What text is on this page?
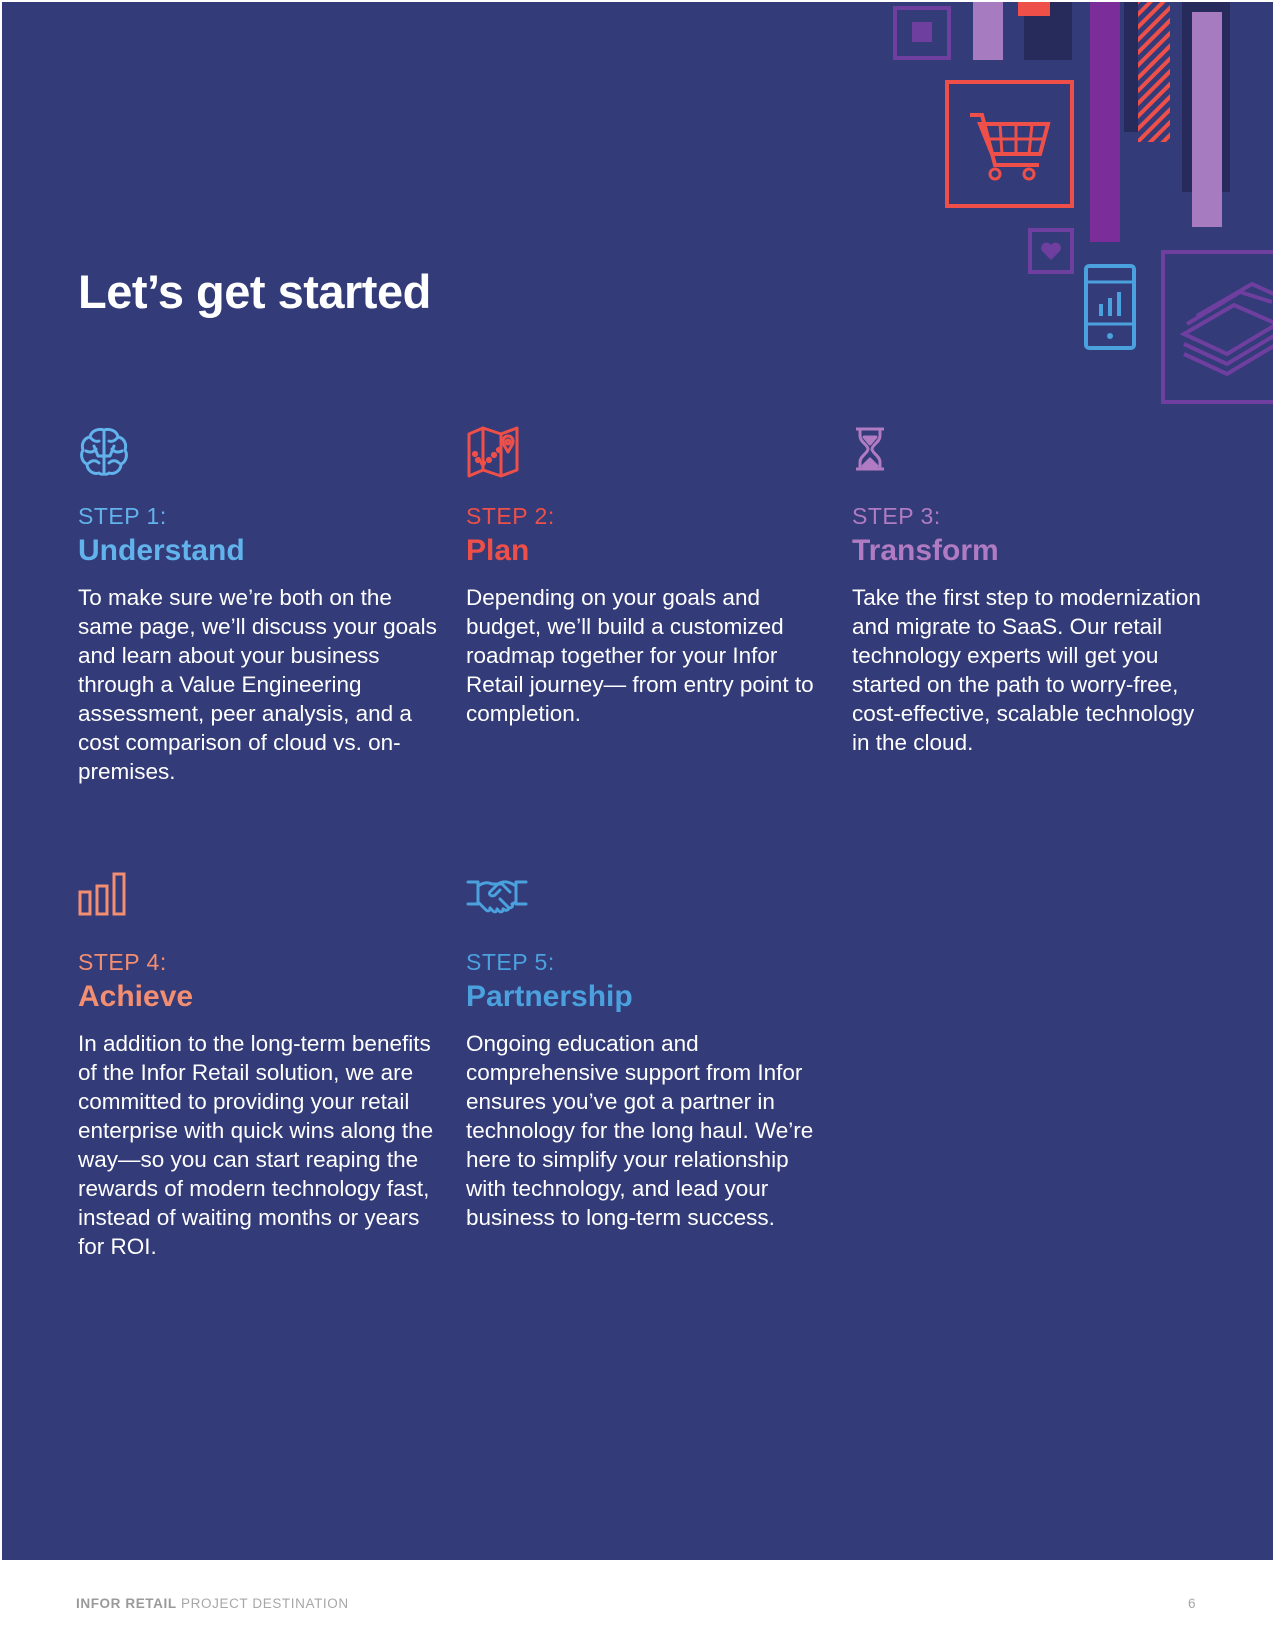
Let’s get started
STEP 1:
Understand

To make sure we’re both on the same page, we’ll discuss your goals and learn about your business through a Value Engineering assessment, peer analysis, and a cost comparison of cloud vs. on-premises.

STEP 2:
Plan

Depending on your goals and budget, we’ll build a customized roadmap together for your Infor Retail journey— from entry point to completion.

STEP 3:
Transform

Take the first step to modernization and migrate to SaaS. Our retail technology experts will get you started on the path to worry-free, cost-effective, scalable technology in the cloud.

STEP 4:
Achieve

In addition to the long-term benefits of the Infor Retail solution, we are committed to providing your retail enterprise with quick wins along the way—so you can start reaping the rewards of modern technology fast, instead of waiting months or years for ROI.

STEP 5:
Partnership

Ongoing education and comprehensive support from Infor ensures you’ve got a partner in technology for the long haul. We’re here to simplify your relationship with technology, and lead your business to long-term success.

INFOR RETAIL PROJECT DESTINATION	6
